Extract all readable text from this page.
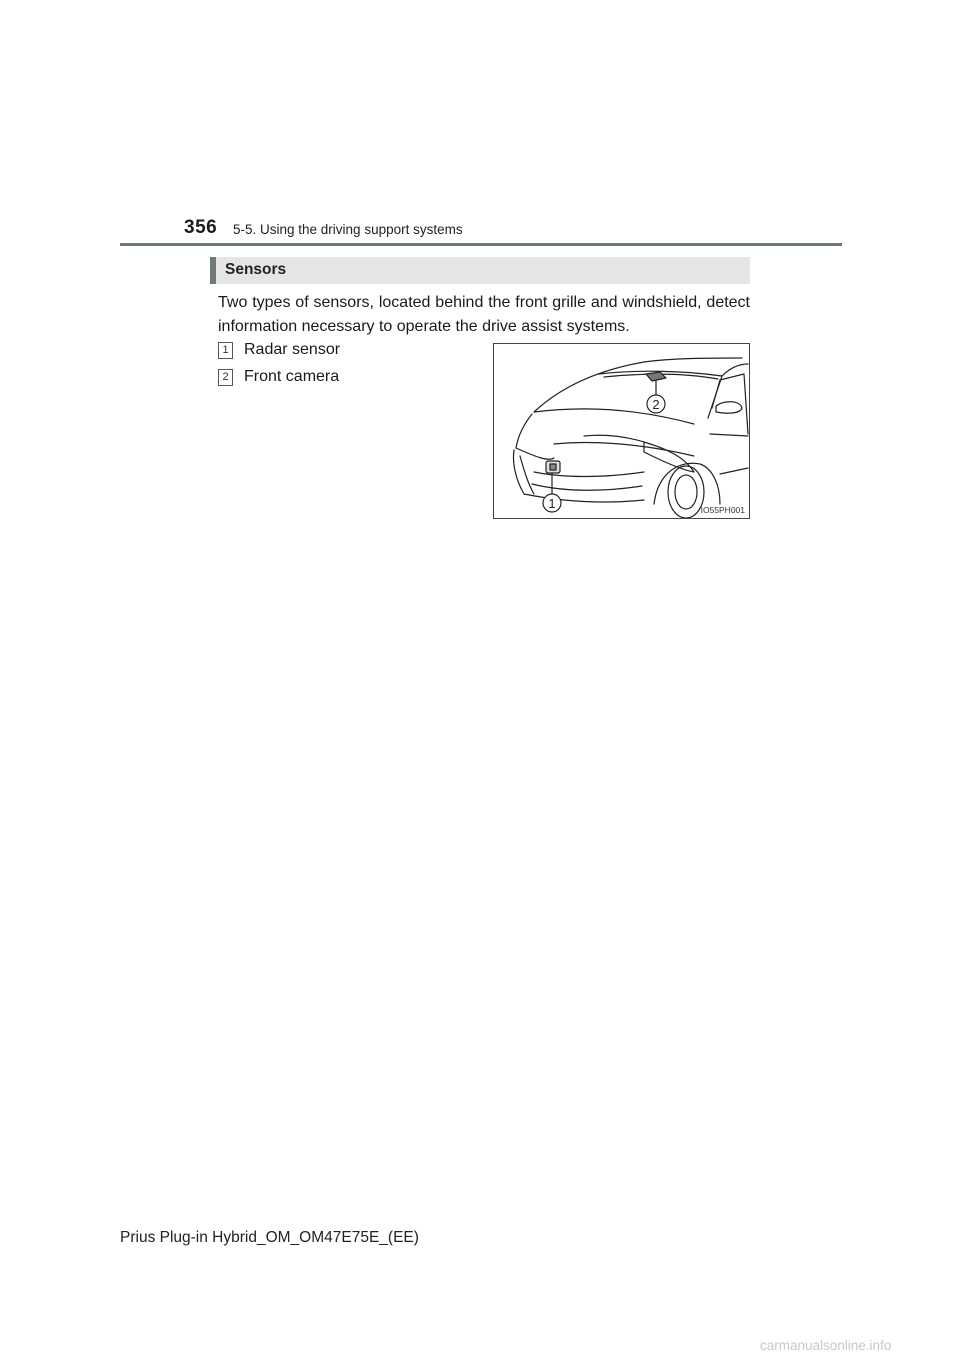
356 5-5. Using the driving support systems
Sensors
Two types of sensors, located behind the front grille and windshield, detect information necessary to operate the drive assist systems.
1 Radar sensor
2 Front camera
2
1	IO55PH001
Prius Plug-in Hybrid_OM_OM47E75E_(EE)
carmanualsonline.info
